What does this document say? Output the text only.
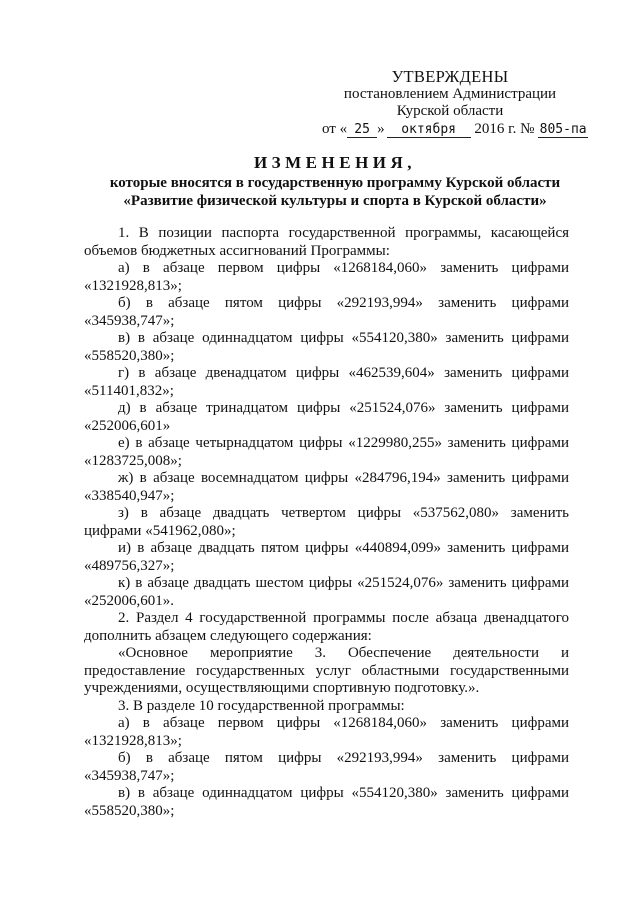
УТВЕРЖДЕНЫ
постановлением Администрации
Курской области
от « 25 » октября 2016 г. № 805-па
ИЗМЕНЕНИЯ,
которые вносятся в государственную программу Курской области
«Развитие физической культуры и спорта в Курской области»

1. В позиции паспорта государственной программы, касающейся объемов бюджетных ассигнований Программы:

а) в абзаце первом цифры «1268184,060» заменить цифрами «1321928,813»;

б) в абзаце пятом цифры «292193,994» заменить цифрами «345938,747»;

в) в абзаце одиннадцатом цифры «554120,380» заменить цифрами «558520,380»;

г) в абзаце двенадцатом цифры «462539,604» заменить цифрами «511401,832»;

д) в абзаце тринадцатом цифры «251524,076» заменить цифрами «252006,601»

е) в абзаце четырнадцатом цифры «1229980,255» заменить цифрами «1283725,008»;

ж) в абзаце восемнадцатом цифры «284796,194» заменить цифрами «338540,947»;

з) в абзаце двадцать четвертом цифры «537562,080» заменить цифрами «541962,080»;

и) в абзаце двадцать пятом цифры «440894,099» заменить цифрами «489756,327»;

к) в абзаце двадцать шестом цифры «251524,076» заменить цифрами «252006,601».

2. Раздел 4 государственной программы после абзаца двенадцатого дополнить абзацем следующего содержания:

«Основное мероприятие 3. Обеспечение деятельности и предоставление государственных услуг областными государственными учреждениями, осуществляющими спортивную подготовку.».

3. В разделе 10 государственной программы:

а) в абзаце первом цифры «1268184,060» заменить цифрами «1321928,813»;

б) в абзаце пятом цифры «292193,994» заменить цифрами «345938,747»;

в) в абзаце одиннадцатом цифры «554120,380» заменить цифрами «558520,380»;
